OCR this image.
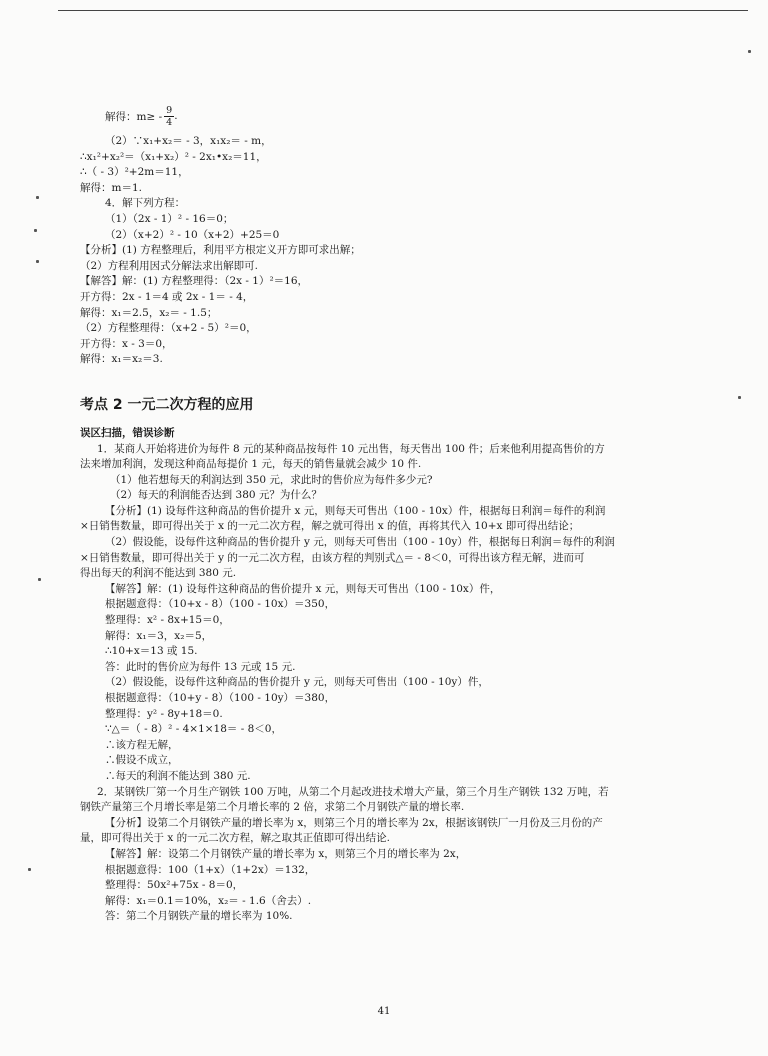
解得：$m\ge - \frac{9}{4}$ .
（2）∵x₁+x₂＝ - 3，x₁x₂＝ - m，
∴x₁²+x₂²＝（x₁+x₂）² - 2x₁•x₂＝11，
∴（ - 3）²+2m＝11，
解得：m＝1.
4．解下列方程：
（1）（2x - 1）² - 16＝0；
（2）（x+2）² - 10（x+2）+25＝0
【分析】(1) 方程整理后，利用平方根定义开方即可求出解；
（2）方程利用因式分解法求出解即可.
【解答】解：(1) 方程整理得：（2x - 1）²＝16，
开方得：2x - 1＝4 或 2x - 1＝ - 4，
解得：x₁＝2.5，x₂＝ - 1.5；
（2）方程整理得：（x+2 - 5）²＝0，
开方得：x - 3＝0，
解得：x₁＝x₂＝3.
考点 2 一元二次方程的应用
误区扫描，错误诊断
1．某商人开始将进价为每件 8 元的某种商品按每件 10 元出售，每天售出 100 件；后来他利用提高售价的方
法来增加利润，发现这种商品每提价 1 元，每天的销售量就会减少 10 件.
（1）他若想每天的利润达到 350 元，求此时的售价应为每件多少元?
（2）每天的利润能否达到 380 元？为什么？
【分析】(1) 设每件这种商品的售价提升 x 元，则每天可售出（100 - 10x）件，根据每日利润＝每件的利润
×日销售数量，即可得出关于 x 的一元二次方程，解之就可得出 x 的值，再将其代入 10+x 即可得出结论；
（2）假设能，设每件这种商品的售价提升 y 元，则每天可售出（100 - 10y）件，根据每日利润＝每件的利润
×日销售数量，即可得出关于 y 的一元二次方程，由该方程的判别式△＝ - 8＜0，可得出该方程无解，进而可
得出每天的利润不能达到 380 元.
【解答】解：(1) 设每件这种商品的售价提升 x 元，则每天可售出（100 - 10x）件，
根据题意得：（10+x - 8）（100 - 10x）＝350，
整理得：x² - 8x+15＝0，
解得：x₁＝3，x₂＝5，
∴10+x＝13 或 15.
答：此时的售价应为每件 13 元或 15 元.
（2）假设能，设每件这种商品的售价提升 y 元，则每天可售出（100 - 10y）件，
根据题意得：（10+y - 8）（100 - 10y）＝380，
整理得：y² - 8y+18＝0.
∵△＝（ - 8）² - 4×1×18＝ - 8＜0，
∴该方程无解，
∴假设不成立，
∴每天的利润不能达到 380 元.
2．某钢铁厂第一个月生产钢铁 100 万吨，从第二个月起改进技术增大产量，第三个月生产钢铁 132 万吨，若
钢铁产量第三个月增长率是第二个月增长率的 2 倍，求第二个月钢铁产量的增长率.
【分析】设第二个月钢铁产量的增长率为 x，则第三个月的增长率为 2x，根据该钢铁厂一月份及三月份的产
量，即可得出关于 x 的一元二次方程，解之取其正值即可得出结论.
【解答】解：设第二个月钢铁产量的增长率为 x，则第三个月的增长率为 2x，
根据题意得：100（1+x）（1+2x）＝132，
整理得：50x²+75x - 8＝0，
解得：x₁＝0.1＝10%，x₂＝ - 1.6（舍去）.
答：第二个月钢铁产量的增长率为 10%.
41
